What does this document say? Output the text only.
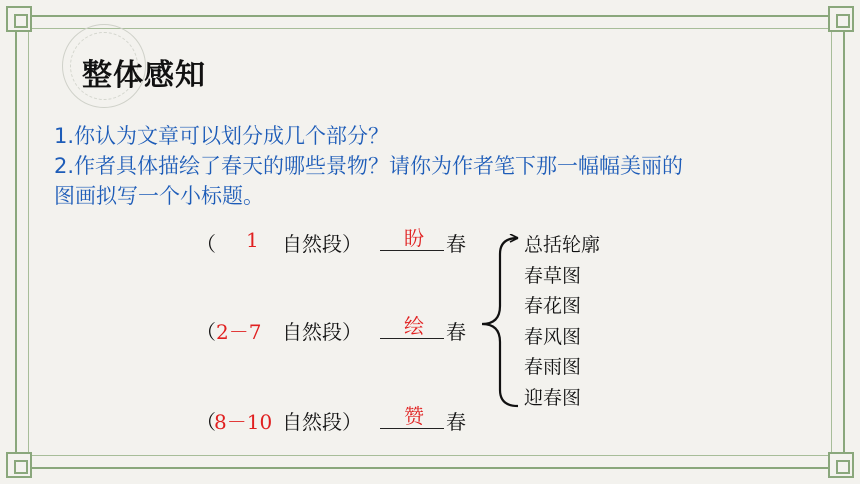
整体感知
1.你认为文章可以划分成几个部分？
2.作者具体描绘了春天的哪些景物？请你为作者笔下那一幅幅美丽的
图画拟写一个小标题。
（ 1 自然段） 盼 春
（ 2－7 自然段） 绘 春
（
8－10 自然段） 赞 春
总括轮廓
春草图
春花图
春风图
春雨图
迎春图
